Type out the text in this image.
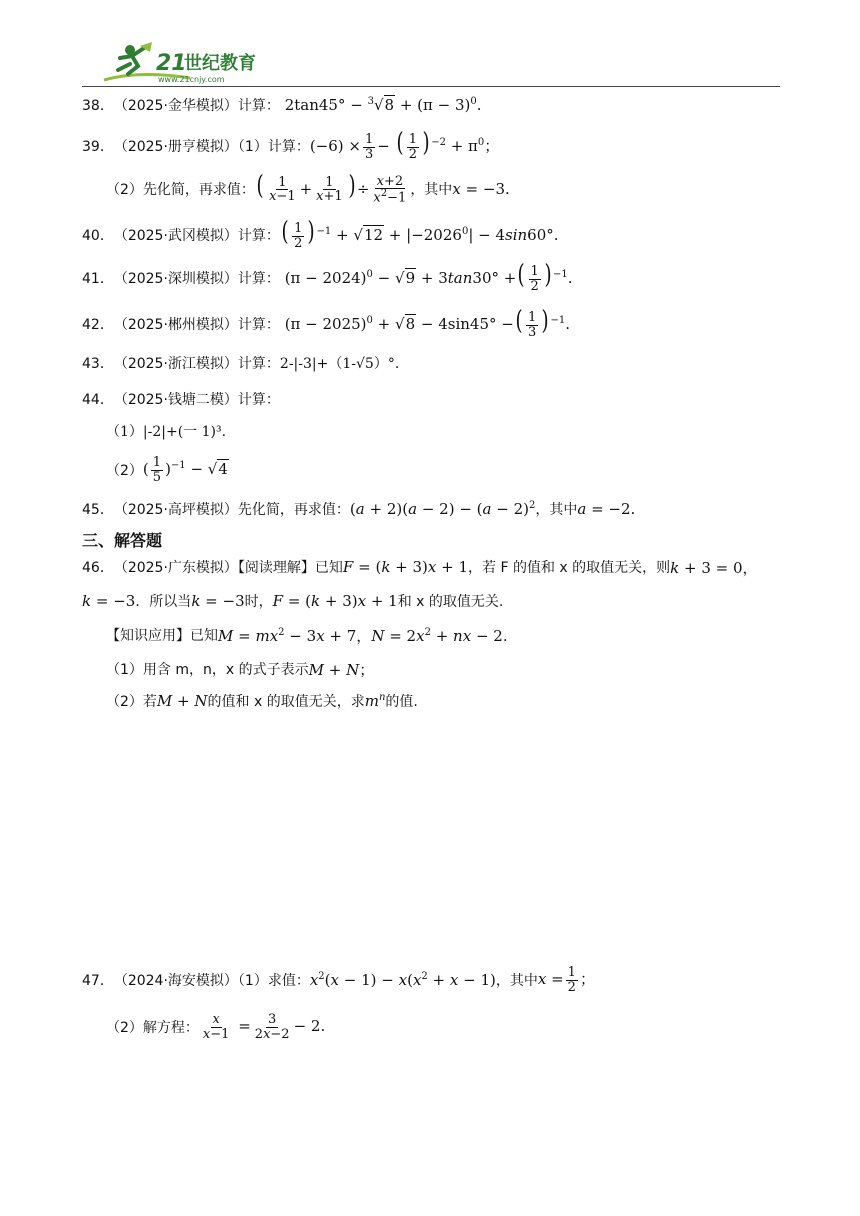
21
世纪教育
www.21cnjy.com
38． （2025·金华模拟）计算： $2\tan 45^\circ - ^3√8 + (\pi - 3)^0$.
39． （2025·册亨模拟）（1）计算： $(-6) \times \frac{1}{3}$ − ( $\frac{1}{2}$ ) $^{-2} + \pi^0$；
（2）先化简，再求值： ( $\frac{1}{x-1} + \frac{1}{x+1}$ ) ÷ $\frac{x+2}{x^2-1}$ ，其中 x = −3.
40． （2025·武冈模拟）计算： ( $\frac{1}{2}$ ) $^{-1} + √12 + |-2026^0| - 4\sin 60^\circ$.
41． （2025·深圳模拟）计算： $(\pi - 2024)^0 - √9 + 3\tan 30^\circ$ +( $\frac{1}{2}$ ) $^{-1}$.
42． （2025·郴州模拟）计算： $(\pi - 2025)^0 + √8 - 4\sin 45^\circ$ −( $\frac{1}{3}$ ) $^{-1}$.
43． （2025·浙江模拟）计算： 2-|-3|+（1-√5）°.
44． （2025·钱塘二模）计算：
（1）|-2|+(一 1)³.
（2） ( $\frac{1}{5} )^{-1} - √4$
45． （2025·高坪模拟）先化简，再求值： $(a + 2)(a - 2) - (a - 2)^2$ ，其中 a = −2.
三、解答题
46． （2025·广东模拟）【阅读理解】已知 F = (k + 3)x + 1 ，若 F 的值和 x 的取值无关，则 k + 3 = 0，
k = −3 ．所以当 k = −3 时， F = (k + 3)x + 1 和 x 的取值无关.
【知识应用】已知 $M = mx^2 - 3x + 7$，$N = 2x^2$ + nx − 2.
（1）用含 m，n，x 的式子表示 M + N；
（2）若 M + N 的值和 x 的取值无关，求 $m^n$ 的值.
47． （2024·海安模拟）（1）求值： $x^2(x - 1) - x(x^2 + x - 1)$ ，其中 $x = \frac{1}{2}$ ；
（2）解方程： $\frac{x}{x-1} = \frac{3}{2x-2} - 2$.
